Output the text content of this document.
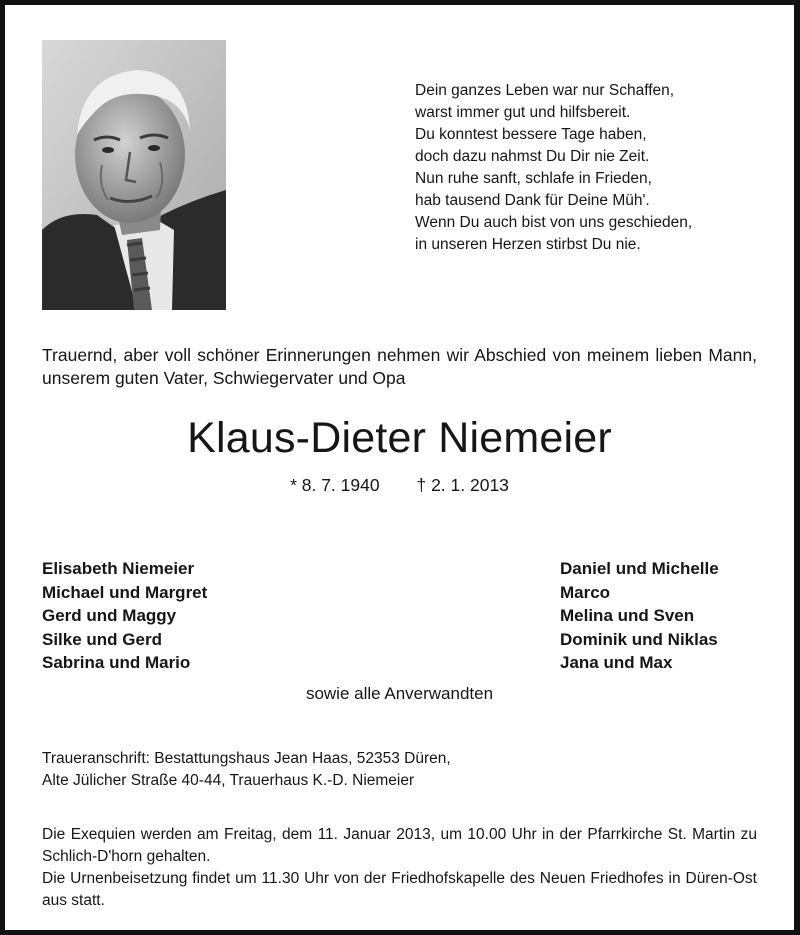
Dein ganzes Leben war nur Schaffen,
warst immer gut und hilfsbereit.
Du konntest bessere Tage haben,
doch dazu nahmst Du Dir nie Zeit.
Nun ruhe sanft, schlafe in Frieden,
hab tausend Dank für Deine Müh'.
Wenn Du auch bist von uns geschieden,
in unseren Herzen stirbst Du nie.
Trauernd, aber voll schöner Erinnerungen nehmen wir Abschied von meinem lieben Mann, unserem guten Vater, Schwiegervater und Opa
Klaus-Dieter Niemeier
* 8. 7. 1940 † 2. 1. 2013
Elisabeth Niemeier
Michael und Margret
Gerd und Maggy
Silke und Gerd
Sabrina und Mario
Daniel und Michelle
Marco
Melina und Sven
Dominik und Niklas
Jana und Max
sowie alle Anverwandten
Traueranschrift: Bestattungshaus Jean Haas, 52353 Düren,
Alte Jülicher Straße 40-44, Trauerhaus K.-D. Niemeier

Die Exequien werden am Freitag, dem 11. Januar 2013, um 10.00 Uhr in der Pfarrkirche St. Martin zu Schlich-D'horn gehalten.

Die Urnenbeisetzung findet um 11.30 Uhr von der Friedhofskapelle des Neuen Friedhofes in Düren-Ost aus statt.
